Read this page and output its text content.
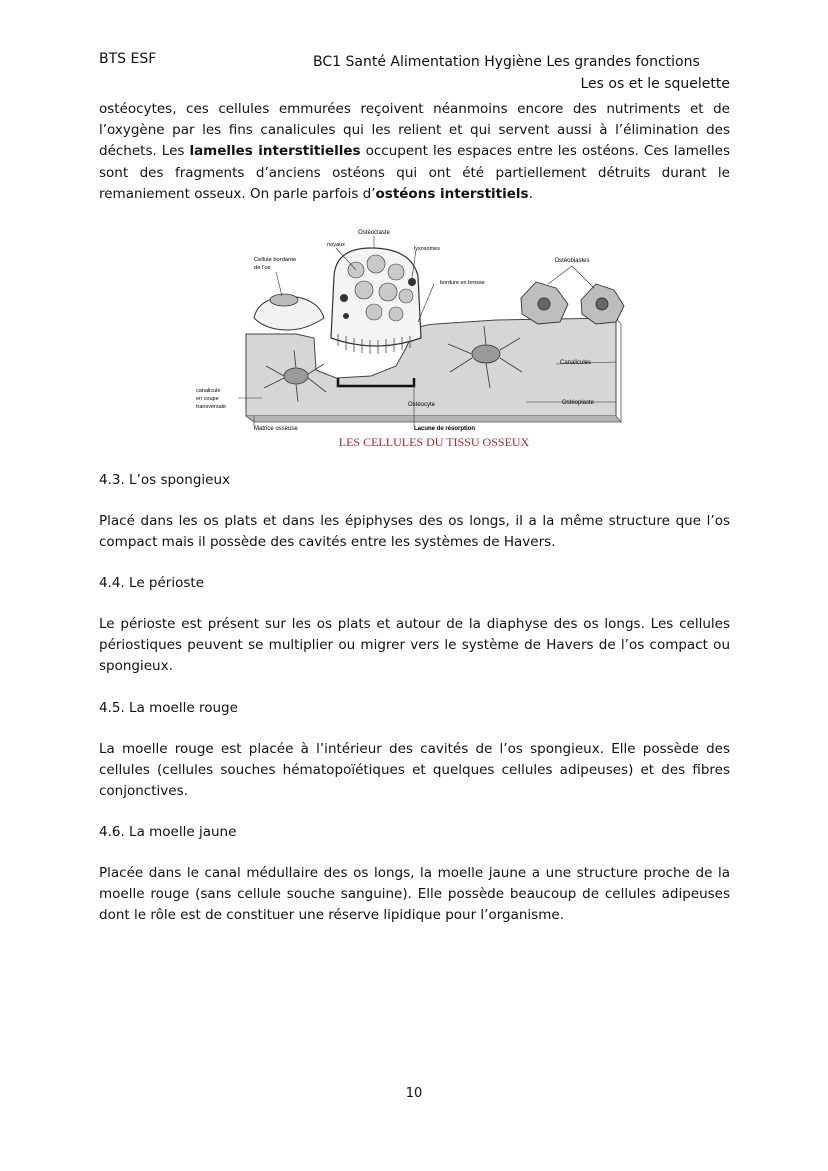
BTS ESF	BC1 Santé Alimentation Hygiène Les grandes fonctions
Les os et le squelette

ostéocytes, ces cellules emmurées reçoivent néanmoins encore des nutriments et de l’oxygène par les fins canalicules qui les relient et qui servent aussi à l’élimination des déchets. Les lamelles interstitielles occupent les espaces entre les ostéons. Ces lamelles sont des fragments d’anciens ostéons qui ont été partiellement détruits durant le remaniement osseux. On parle parfois d’ostéons interstitiels.

Ostéoclaste
noyaux
lysosomes
Cellule bordante
de l'os
bordure en brosse
Ostéoblastes
Canalicules
canalicule
en coupe
transversale	Ostéocyte	Ostéoplaste
Matrice osseuse	Lacune de résorption
LES CELLULES DU TISSU OSSEUX
4.3. L’os spongieux

Placé dans les os plats et dans les épiphyses des os longs, il a la même structure que l’os compact mais il possède des cavités entre les systèmes de Havers.

4.4. Le périoste

Le périoste est présent sur les os plats et autour de la diaphyse des os longs. Les cellules périostiques peuvent se multiplier ou migrer vers le système de Havers de l’os compact ou spongieux.

4.5. La moelle rouge

La moelle rouge est placée à l’intérieur des cavités de l’os spongieux. Elle possède des cellules (cellules souches hématopoïétiques et quelques cellules adipeuses) et des fibres conjonctives.

4.6. La moelle jaune

Placée dans le canal médullaire des os longs, la moelle jaune a une structure proche de la moelle rouge (sans cellule souche sanguine). Elle possède beaucoup de cellules adipeuses dont le rôle est de constituer une réserve lipidique pour l’organisme.

10
